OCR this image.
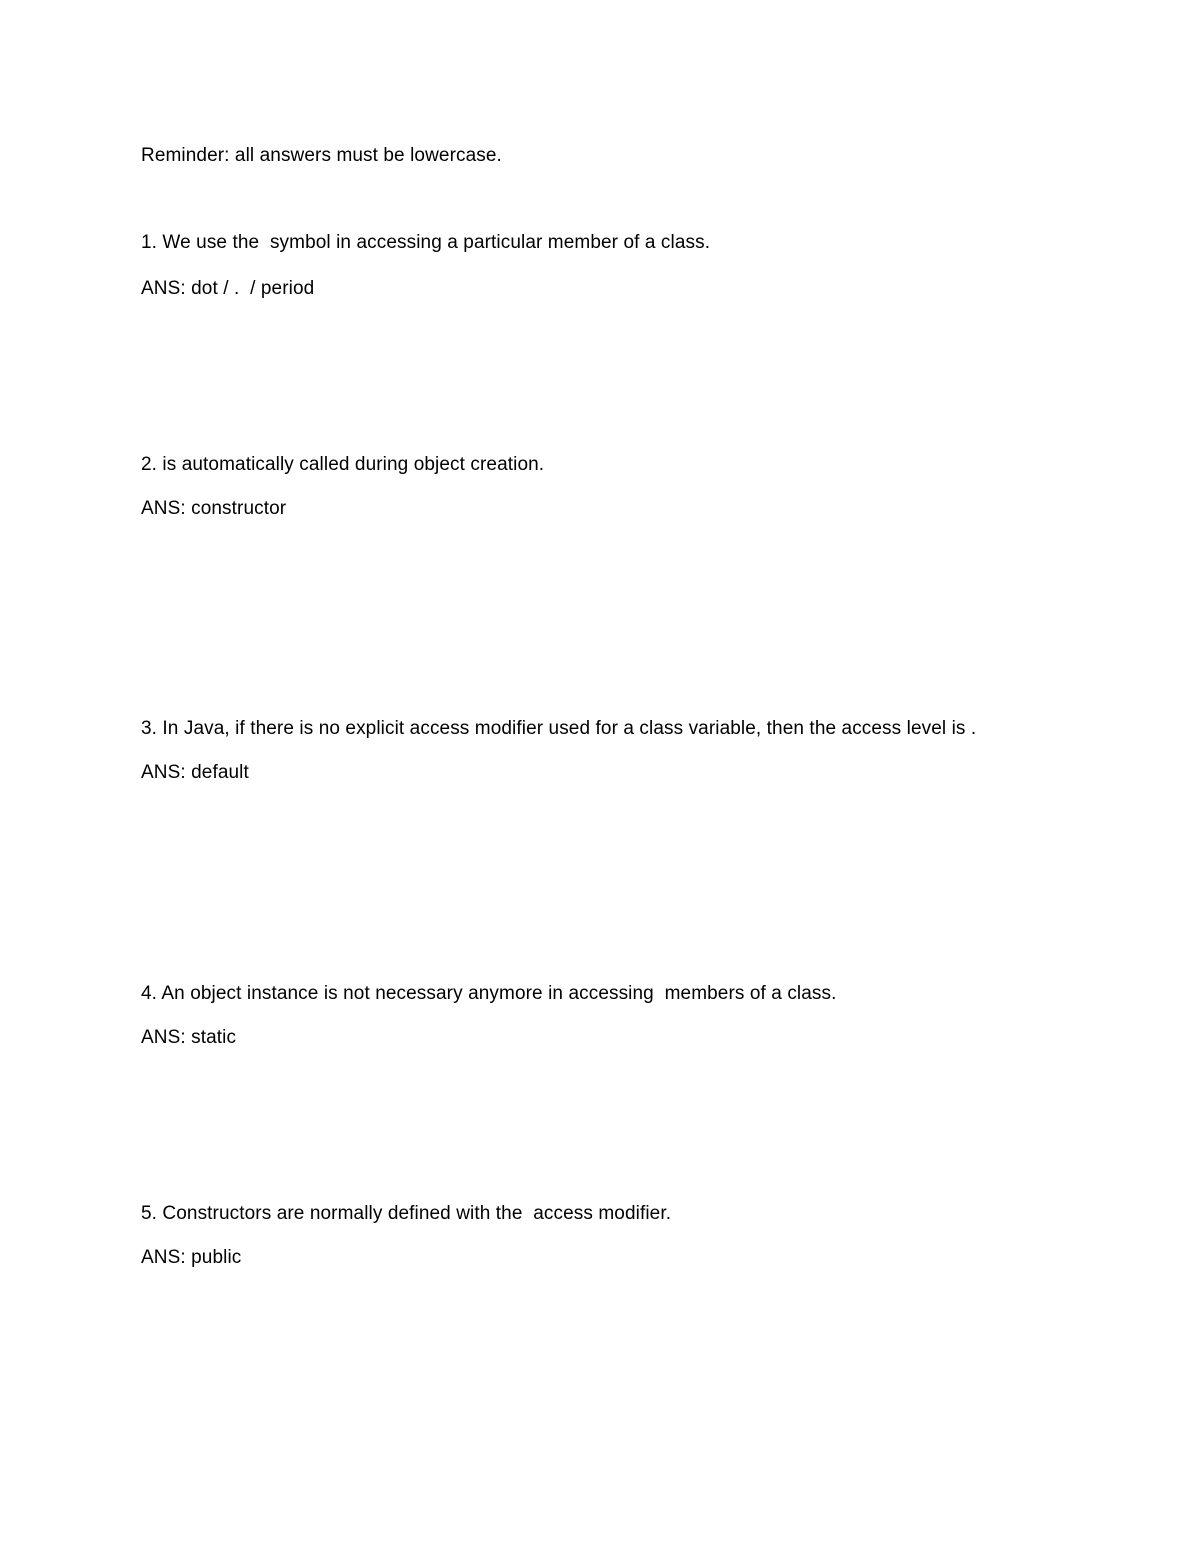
Reminder: all answers must be lowercase.
1. We use the  symbol in accessing a particular member of a class.
ANS: dot / .  / period
2. is automatically called during object creation.
ANS: constructor
3. In Java, if there is no explicit access modifier used for a class variable, then the access level is .
ANS: default
4. An object instance is not necessary anymore in accessing  members of a class.
ANS: static
5. Constructors are normally defined with the  access modifier.
ANS: public
